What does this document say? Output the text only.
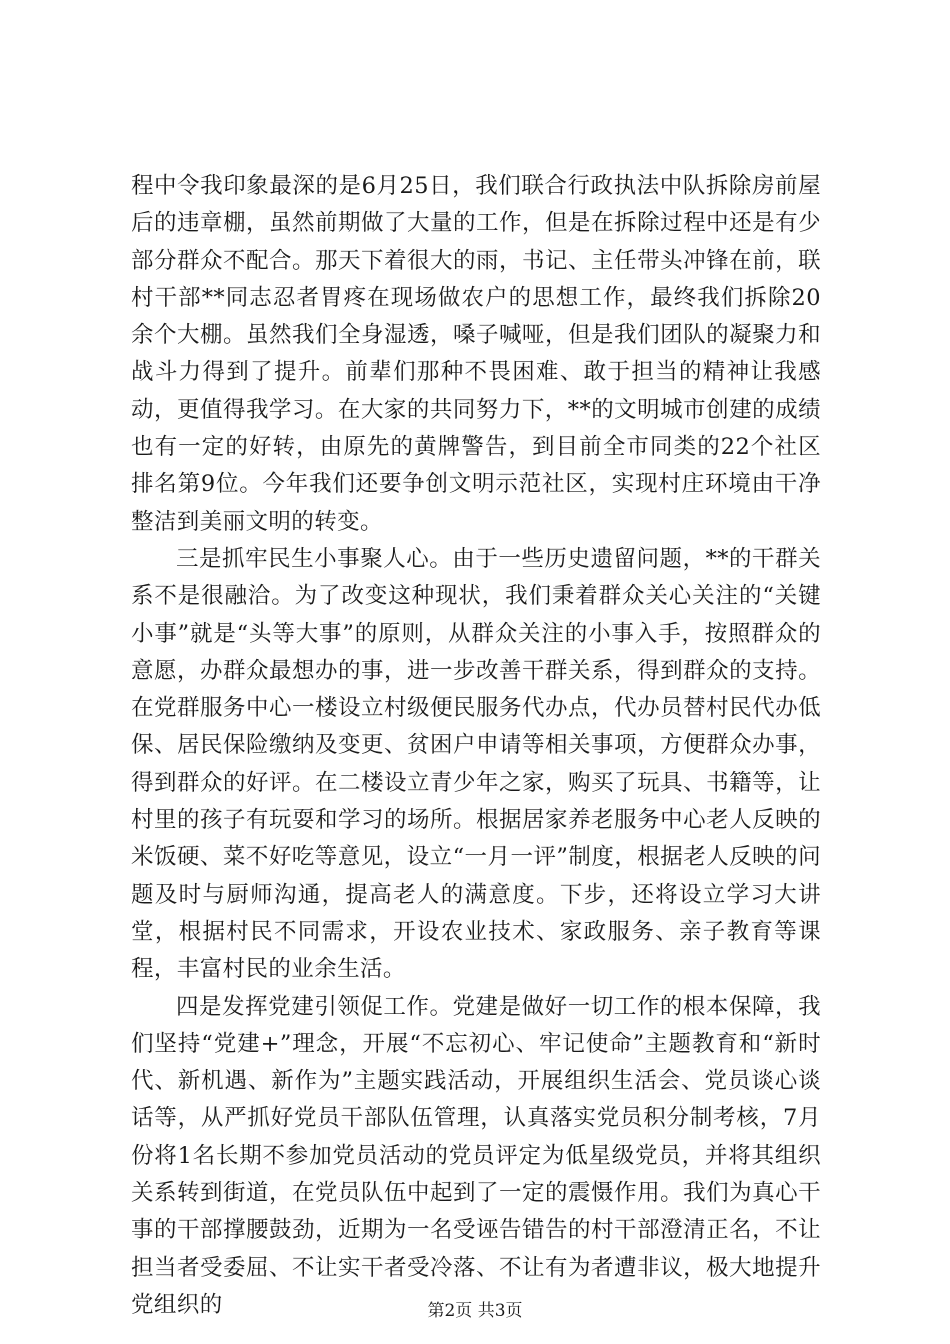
程中令我印象最深的是6月25日，我们联合行政执法中队拆除房前屋后的违章棚，虽然前期做了大量的工作，但是在拆除过程中还是有少部分群众不配合。那天下着很大的雨，书记、主任带头冲锋在前，联村干部**同志忍者胃疼在现场做农户的思想工作，最终我们拆除20余个大棚。虽然我们全身湿透，嗓子喊哑，但是我们团队的凝聚力和战斗力得到了提升。前辈们那种不畏困难、敢于担当的精神让我感动，更值得我学习。在大家的共同努力下，**的文明城市创建的成绩也有一定的好转，由原先的黄牌警告，到目前全市同类的22个社区排名第9位。今年我们还要争创文明示范社区，实现村庄环境由干净整洁到美丽文明的转变。

三是抓牢民生小事聚人心。由于一些历史遗留问题，**的干群关系不是很融洽。为了改变这种现状，我们秉着群众关心关注的“关键小事”就是“头等大事”的原则，从群众关注的小事入手，按照群众的意愿，办群众最想办的事，进一步改善干群关系，得到群众的支持。在党群服务中心一楼设立村级便民服务代办点，代办员替村民代办低保、居民保险缴纳及变更、贫困户申请等相关事项，方便群众办事，得到群众的好评。在二楼设立青少年之家，购买了玩具、书籍等，让村里的孩子有玩耍和学习的场所。根据居家养老服务中心老人反映的米饭硬、菜不好吃等意见，设立“一月一评”制度，根据老人反映的问题及时与厨师沟通，提高老人的满意度。下步，还将设立学习大讲堂，根据村民不同需求，开设农业技术、家政服务、亲子教育等课程，丰富村民的业余生活。

四是发挥党建引领促工作。党建是做好一切工作的根本保障，我们坚持“党建+”理念，开展“不忘初心、牢记使命”主题教育和“新时代、新机遇、新作为”主题实践活动，开展组织生活会、党员谈心谈话等，从严抓好党员干部队伍管理，认真落实党员积分制考核，7月份将1名长期不参加党员活动的党员评定为低星级党员，并将其组织关系转到街道，在党员队伍中起到了一定的震慑作用。我们为真心干事的干部撑腰鼓劲，近期为一名受诬告错告的村干部澄清正名，不让担当者受委屈、不让实干者受冷落、不让有为者遭非议，极大地提升党组织的	第2页 共3页
